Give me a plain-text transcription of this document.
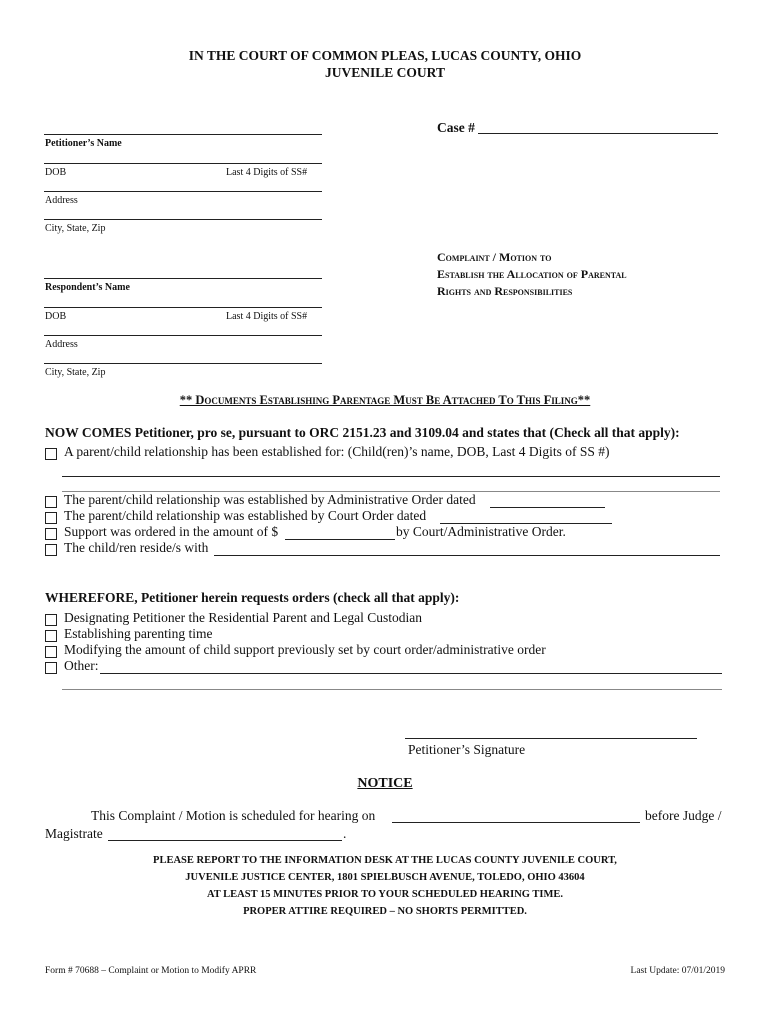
IN THE COURT OF COMMON PLEAS, LUCAS COUNTY, OHIO
JUVENILE COURT
Case #
Petitioner’s Name
DOB	Last 4 Digits of SS#
Address
City, State, Zip
Complaint / Motion to
Establish the Allocation of Parental
Rights and Responsibilities
Respondent’s Name
DOB	Last 4 Digits of SS#
Address
City, State, Zip
** Documents Establishing Parentage Must Be Attached To This Filing**
NOW COMES Petitioner, pro se, pursuant to ORC 2151.23 and 3109.04 and states that (Check all that apply):
A parent/child relationship has been established for: (Child(ren)’s name, DOB, Last 4 Digits of SS #)
The parent/child relationship was established by Administrative Order dated
The parent/child relationship was established by Court Order dated
Support was ordered in the amount of $	by Court/Administrative Order.
The child/ren reside/s with
WHEREFORE, Petitioner herein requests orders (check all that apply):
Designating Petitioner the Residential Parent and Legal Custodian
Establishing parenting time
Modifying the amount of child support previously set by court order/administrative order
Other:
Petitioner’s Signature
NOTICE
This Complaint / Motion is scheduled for hearing on	before Judge /
Magistrate	.
PLEASE REPORT TO THE INFORMATION DESK AT THE LUCAS COUNTY JUVENILE COURT,
JUVENILE JUSTICE CENTER, 1801 SPIELBUSCH AVENUE, TOLEDO, OHIO 43604
AT LEAST 15 MINUTES PRIOR TO YOUR SCHEDULED HEARING TIME.
PROPER ATTIRE REQUIRED – NO SHORTS PERMITTED.
Form # 70688 – Complaint or Motion to Modify APRR	Last Update: 07/01/2019
